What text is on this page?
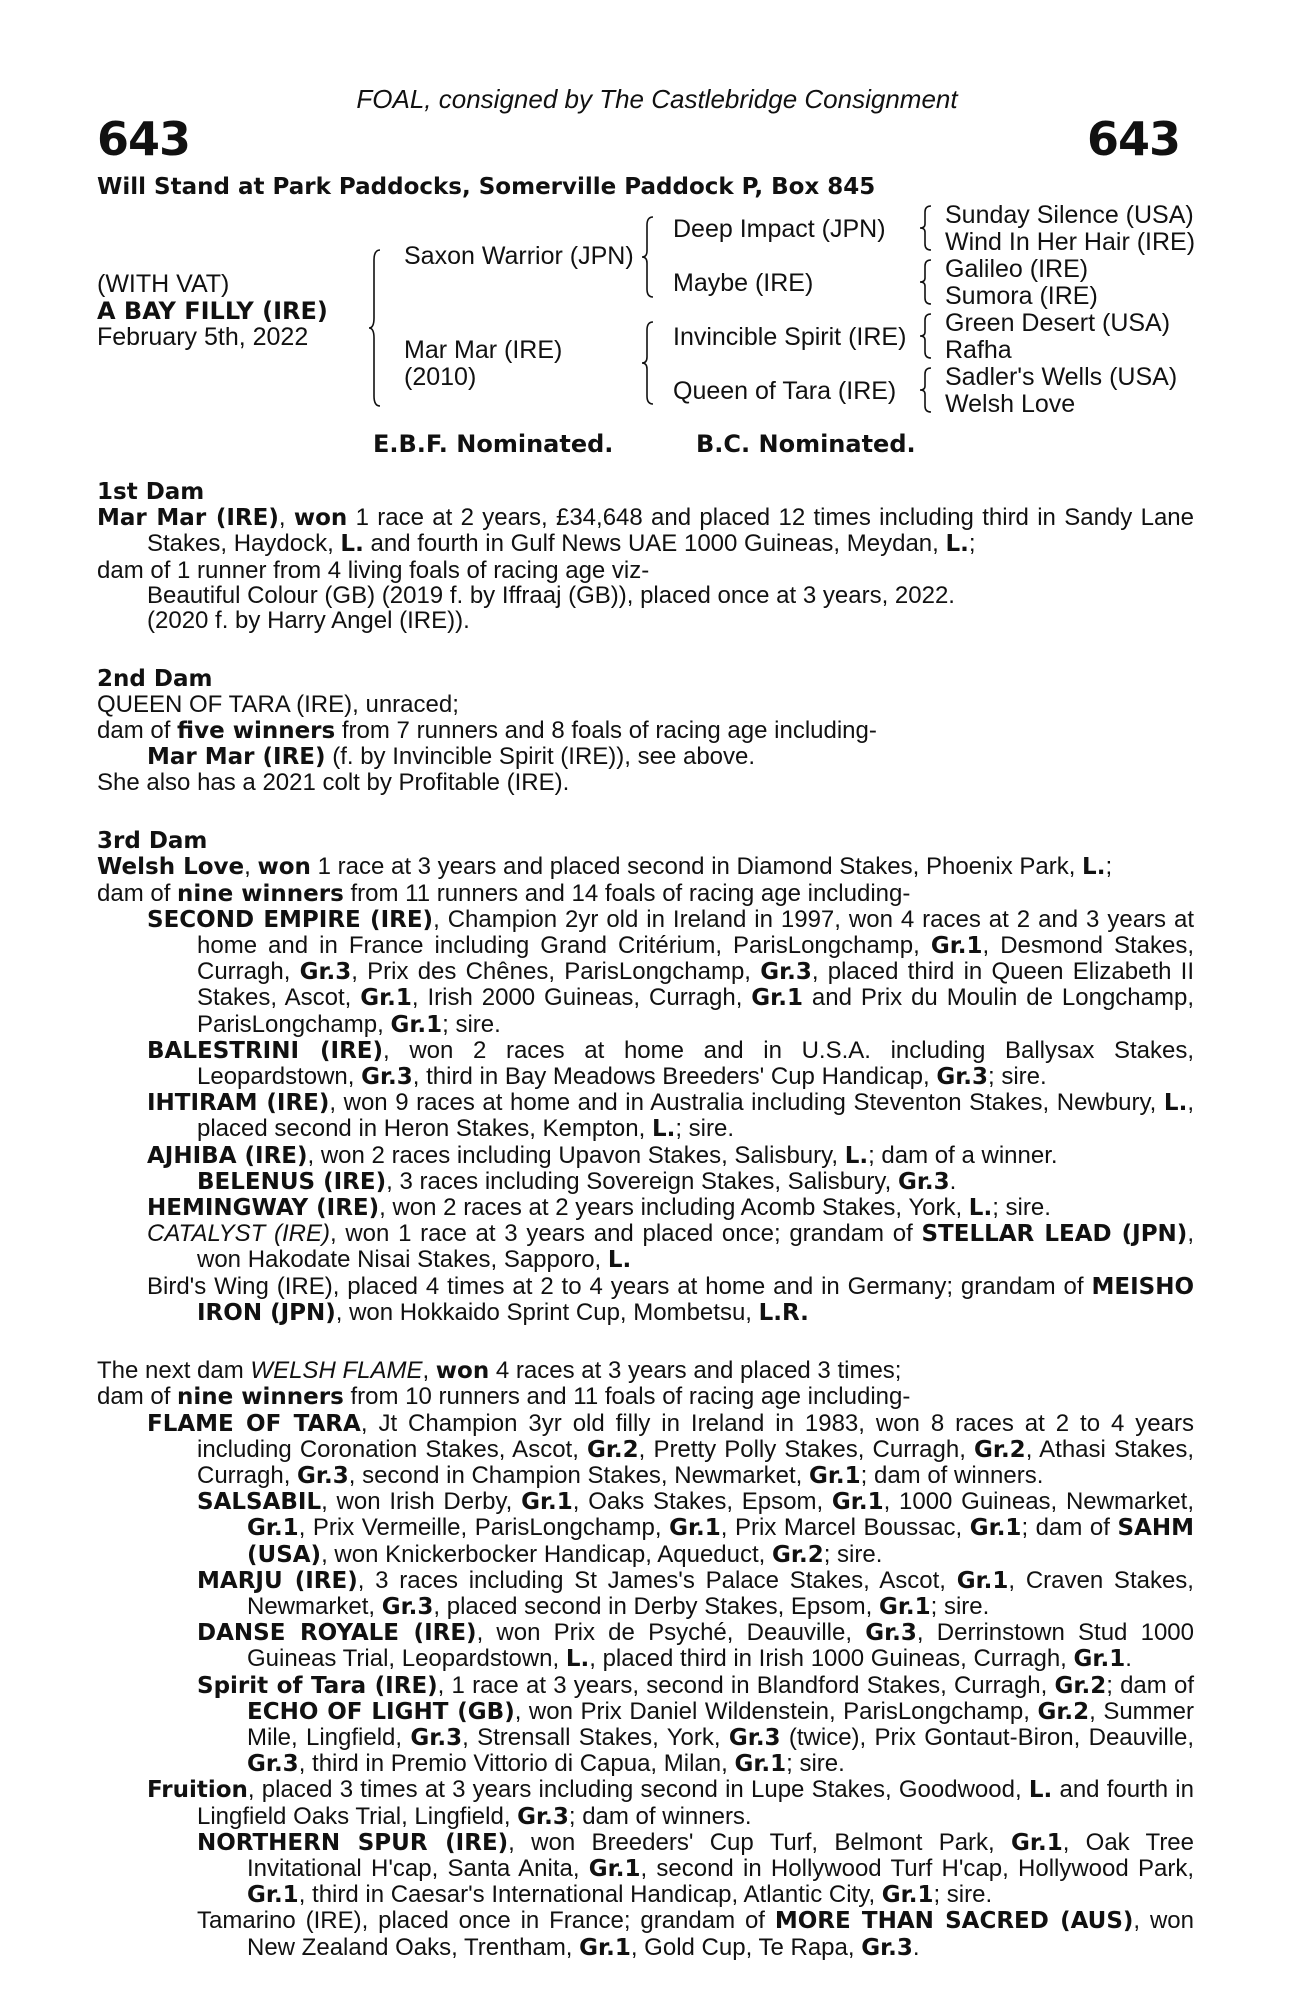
FOAL, consigned by The Castlebridge Consignment
643	643
Will Stand at Park Paddocks, Somerville Paddock P, Box 845
(WITH VAT)
A BAY FILLY (IRE)
February 5th, 2022
Saxon Warrior (JPN)
Mar Mar (IRE)
(2010)
Deep Impact (JPN)
Maybe (IRE)
Invincible Spirit (IRE)
Queen of Tara (IRE)
Sunday Silence (USA)
Wind In Her Hair (IRE)
Galileo (IRE)
Sumora (IRE)
Green Desert (USA)
Rafha
Sadler's Wells (USA)
Welsh Love
E.B.F. Nominated.	B.C. Nominated.

1st Dam

Mar Mar (IRE), won 1 race at 2 years, £34,648 and placed 12 times including third in Sandy Lane Stakes, Haydock, L. and fourth in Gulf News UAE 1000 Guineas, Meydan, L.;

dam of 1 runner from 4 living foals of racing age viz-

Beautiful Colour (GB) (2019 f. by Iffraaj (GB)), placed once at 3 years, 2022.

(2020 f. by Harry Angel (IRE)).

2nd Dam

QUEEN OF TARA (IRE), unraced;

dam of five winners from 7 runners and 8 foals of racing age including-

Mar Mar (IRE) (f. by Invincible Spirit (IRE)), see above.

She also has a 2021 colt by Profitable (IRE).

3rd Dam

Welsh Love, won 1 race at 3 years and placed second in Diamond Stakes, Phoenix Park, L.;

dam of nine winners from 11 runners and 14 foals of racing age including-

SECOND EMPIRE (IRE), Champion 2yr old in Ireland in 1997, won 4 races at 2 and 3 years at home and in France including Grand Critérium, ParisLongchamp, Gr.1, Desmond Stakes, Curragh, Gr.3, Prix des Chênes, ParisLongchamp, Gr.3, placed third in Queen Elizabeth II Stakes, Ascot, Gr.1, Irish 2000 Guineas, Curragh, Gr.1 and Prix du Moulin de Longchamp, ParisLongchamp, Gr.1; sire.

BALESTRINI (IRE), won 2 races at home and in U.S.A. including Ballysax Stakes, Leopardstown, Gr.3, third in Bay Meadows Breeders' Cup Handicap, Gr.3; sire.

IHTIRAM (IRE), won 9 races at home and in Australia including Steventon Stakes, Newbury, L., placed second in Heron Stakes, Kempton, L.; sire.

AJHIBA (IRE), won 2 races including Upavon Stakes, Salisbury, L.; dam of a winner.

BELENUS (IRE), 3 races including Sovereign Stakes, Salisbury, Gr.3.

HEMINGWAY (IRE), won 2 races at 2 years including Acomb Stakes, York, L.; sire.

CATALYST (IRE), won 1 race at 3 years and placed once; grandam of STELLAR LEAD (JPN), won Hakodate Nisai Stakes, Sapporo, L.

Bird's Wing (IRE), placed 4 times at 2 to 4 years at home and in Germany; grandam of MEISHO IRON (JPN), won Hokkaido Sprint Cup, Mombetsu, L.R.

The next dam WELSH FLAME, won 4 races at 3 years and placed 3 times;

dam of nine winners from 10 runners and 11 foals of racing age including-

FLAME OF TARA, Jt Champion 3yr old filly in Ireland in 1983, won 8 races at 2 to 4 years including Coronation Stakes, Ascot, Gr.2, Pretty Polly Stakes, Curragh, Gr.2, Athasi Stakes, Curragh, Gr.3, second in Champion Stakes, Newmarket, Gr.1; dam of winners.

SALSABIL, won Irish Derby, Gr.1, Oaks Stakes, Epsom, Gr.1, 1000 Guineas, Newmarket, Gr.1, Prix Vermeille, ParisLongchamp, Gr.1, Prix Marcel Boussac, Gr.1; dam of SAHM (USA), won Knickerbocker Handicap, Aqueduct, Gr.2; sire.

MARJU (IRE), 3 races including St James's Palace Stakes, Ascot, Gr.1, Craven Stakes, Newmarket, Gr.3, placed second in Derby Stakes, Epsom, Gr.1; sire.

DANSE ROYALE (IRE), won Prix de Psyché, Deauville, Gr.3, Derrinstown Stud 1000 Guineas Trial, Leopardstown, L., placed third in Irish 1000 Guineas, Curragh, Gr.1.

Spirit of Tara (IRE), 1 race at 3 years, second in Blandford Stakes, Curragh, Gr.2; dam of ECHO OF LIGHT (GB), won Prix Daniel Wildenstein, ParisLongchamp, Gr.2, Summer Mile, Lingfield, Gr.3, Strensall Stakes, York, Gr.3 (twice), Prix Gontaut-Biron, Deauville, Gr.3, third in Premio Vittorio di Capua, Milan, Gr.1; sire.

Fruition, placed 3 times at 3 years including second in Lupe Stakes, Goodwood, L. and fourth in Lingfield Oaks Trial, Lingfield, Gr.3; dam of winners.

NORTHERN SPUR (IRE), won Breeders' Cup Turf, Belmont Park, Gr.1, Oak Tree Invitational H'cap, Santa Anita, Gr.1, second in Hollywood Turf H'cap, Hollywood Park, Gr.1, third in Caesar's International Handicap, Atlantic City, Gr.1; sire.

Tamarino (IRE), placed once in France; grandam of MORE THAN SACRED (AUS), won New Zealand Oaks, Trentham, Gr.1, Gold Cup, Te Rapa, Gr.3.
